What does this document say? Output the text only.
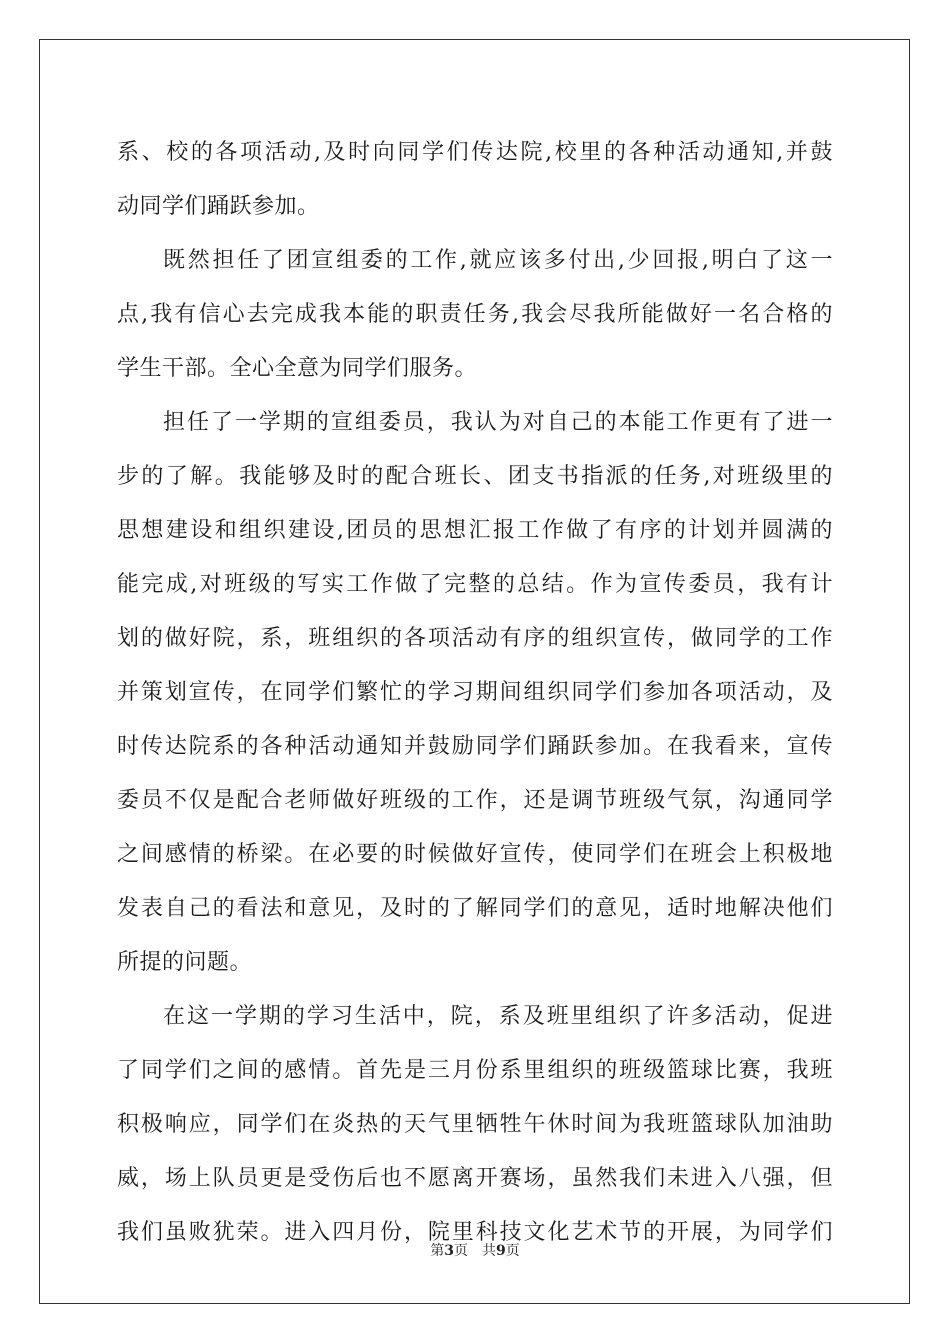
系、校的各项活动,及时向同学们传达院,校里的各种活动通知,并鼓
动同学们踊跃参加。
既然担任了团宣组委的工作,就应该多付出,少回报,明白了这一
点,我有信心去完成我本能的职责任务,我会尽我所能做好一名合格的
学生干部。全心全意为同学们服务。
担任了一学期的宣组委员，我认为对自己的本能工作更有了进一
步的了解。我能够及时的配合班长、团支书指派的任务,对班级里的
思想建设和组织建设,团员的思想汇报工作做了有序的计划并圆满的
能完成,对班级的写实工作做了完整的总结。作为宣传委员，我有计
划的做好院，系，班组织的各项活动有序的组织宣传，做同学的工作
并策划宣传，在同学们繁忙的学习期间组织同学们参加各项活动，及
时传达院系的各种活动通知并鼓励同学们踊跃参加。在我看来，宣传
委员不仅是配合老师做好班级的工作，还是调节班级气氛，沟通同学
之间感情的桥梁。在必要的时候做好宣传，使同学们在班会上积极地
发表自己的看法和意见，及时的了解同学们的意见，适时地解决他们
所提的问题。
在这一学期的学习生活中，院，系及班里组织了许多活动，促进
了同学们之间的感情。首先是三月份系里组织的班级篮球比赛，我班
积极响应，同学们在炎热的天气里牺牲午休时间为我班篮球队加油助
威，场上队员更是受伤后也不愿离开赛场，虽然我们未进入八强，但
我们虽败犹荣。进入四月份，院里科技文化艺术节的开展，为同学们
第3页 共9页
